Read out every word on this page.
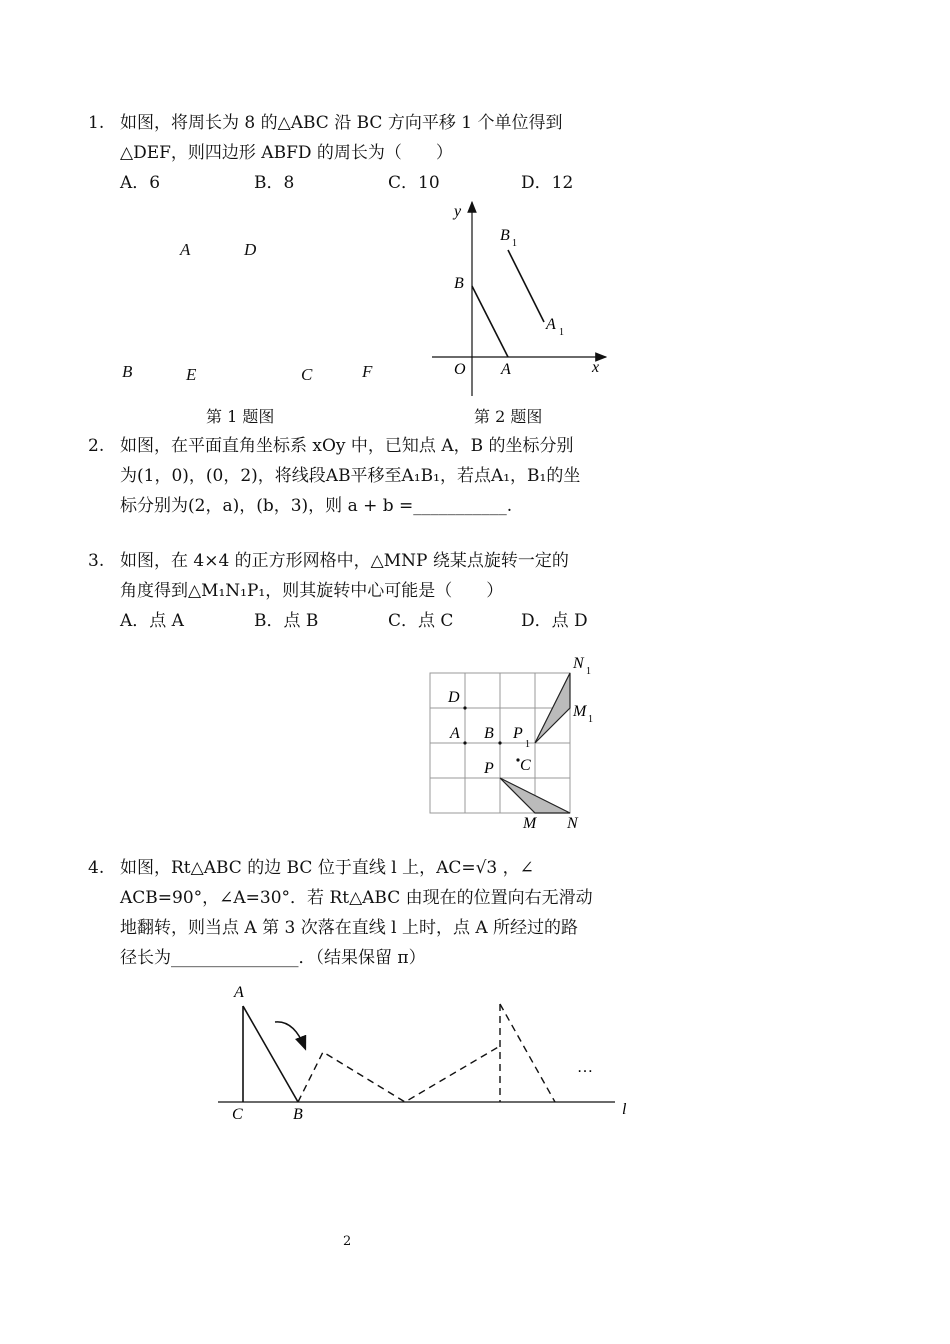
1. 如图，将周长为 8 的△ABC 沿 BC 方向平移 1 个单位得到
△DEF，则四边形 ABFD 的周长为（　　）
A．6	B．8	C．10	D．12
A	D
B	E	C	F
第 1 题图
y
x
O A
B
B 1
A 1
第 2 题图
2. 如图，在平面直角坐标系 xOy 中，已知点 A，B 的坐标分别
为(1，0)，(0，2)，将线段AB平移至A₁B₁，若点A₁，B₁的坐
标分别为(2，a)，(b，3)，则 a + b =___________.
3. 如图，在 4×4 的正方形网格中，△MNP 绕某点旋转一定的
角度得到△M₁N₁P₁，则其旋转中心可能是（　　）
A．点 A	B．点 B	C．点 C	D．点 D
N 1
M 1
D
A B P
1
P C
M N
4. 如图，Rt△ABC 的边 BC 位于直线 l 上，AC=√3 ，∠
ACB=90°，∠A=30°．若 Rt△ABC 由现在的位置向右无滑动
地翻转，则当点 A 第 3 次落在直线 l 上时，点 A 所经过的路
径长为_______________．（结果保留 π）
A
C	B	l
…
2
